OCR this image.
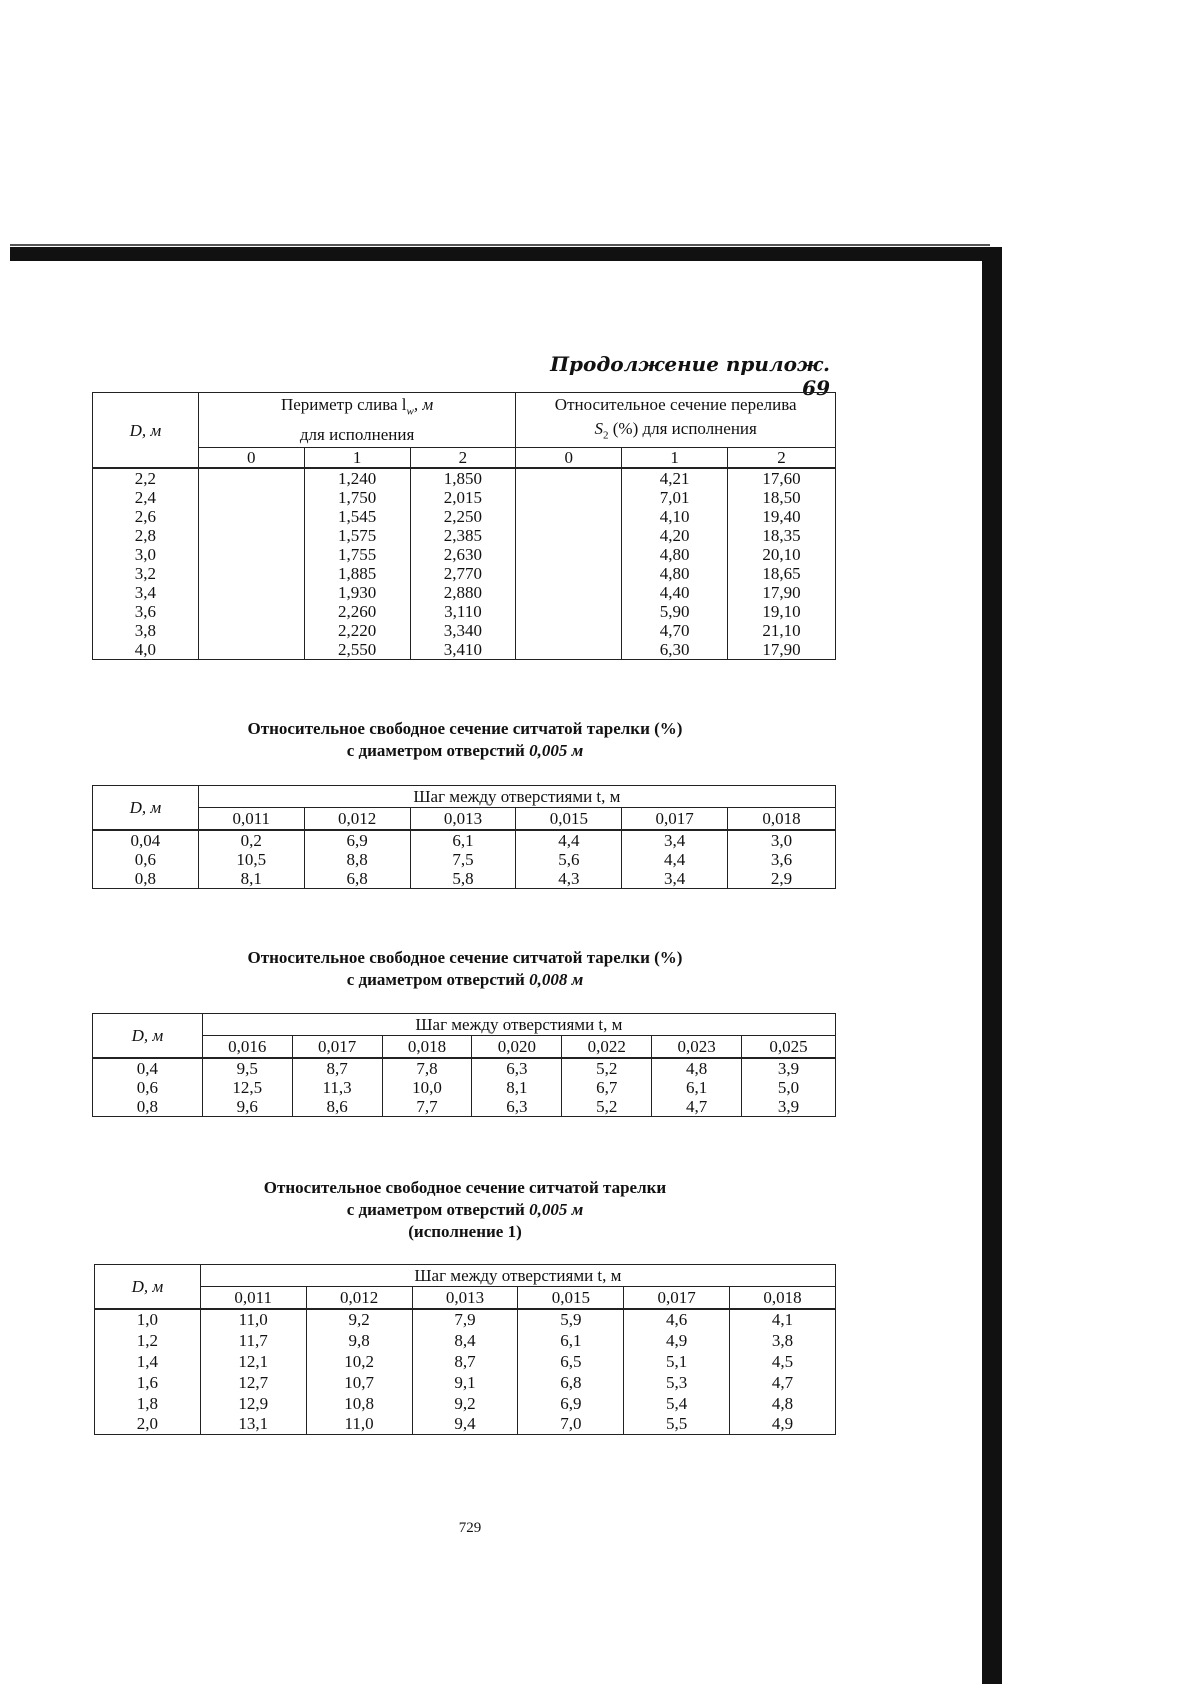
Продолжение прилож. 69
D, м	Периметр слива $l_w$, м
для исполнения			Относительное сечение перелива
$S_2$ (%) для исполнения		
	0	1	2	0	1	2
2,2		1,240	1,850		4,21	17,60
2,4		1,750	2,015		7,01	18,50
2,6		1,545	2,250		4,10	19,40
2,8		1,575	2,385		4,20	18,35
3,0		1,755	2,630		4,80	20,10
3,2		1,885	2,770		4,80	18,65
3,4		1,930	2,880		4,40	17,90
3,6		2,260	3,110		5,90	19,10
3,8		2,220	3,340		4,70	21,10
4,0		2,550	3,410		6,30	17,90
Относительное свободное сечение ситчатой тарелки (%)
с диаметром отверстий 0,005 м
D, м	Шаг между отверстиями t, м					
	0,011	0,012	0,013	0,015	0,017	0,018
0,04	0,2	6,9	6,1	4,4	3,4	3,0
0,6	10,5	8,8	7,5	5,6	4,4	3,6
0,8	8,1	6,8	5,8	4,3	3,4	2,9
Относительное свободное сечение ситчатой тарелки (%)
с диаметром отверстий 0,008 м
D, м	Шаг между отверстиями t, м						
	0,016	0,017	0,018	0,020	0,022	0,023	0,025
0,4	9,5	8,7	7,8	6,3	5,2	4,8	3,9
0,6	12,5	11,3	10,0	8,1	6,7	6,1	5,0
0,8	9,6	8,6	7,7	6,3	5,2	4,7	3,9
Относительное свободное сечение ситчатой тарелки
с диаметром отверстий 0,005 м
(исполнение 1)
D, м	Шаг между отверстиями t, м					
	0,011	0,012	0,013	0,015	0,017	0,018
1,0	11,0	9,2	7,9	5,9	4,6	4,1
1,2	11,7	9,8	8,4	6,1	4,9	3,8
1,4	12,1	10,2	8,7	6,5	5,1	4,5
1,6	12,7	10,7	9,1	6,8	5,3	4,7
1,8	12,9	10,8	9,2	6,9	5,4	4,8
2,0	13,1	11,0	9,4	7,0	5,5	4,9
729
